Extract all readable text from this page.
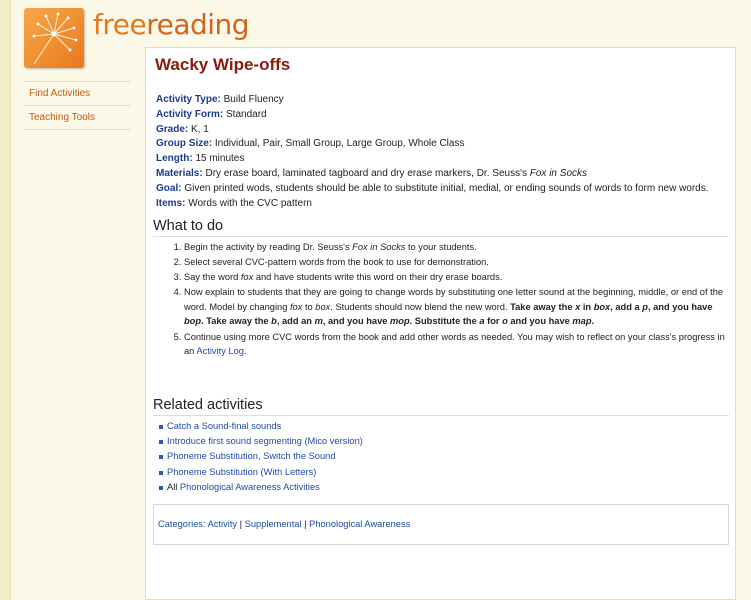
freereading
Find Activities
Teaching Tools
Wacky Wipe-offs
Activity Type: Build Fluency
Activity Form: Standard
Grade: K, 1
Group Size: Individual, Pair, Small Group, Large Group, Whole Class
Length: 15 minutes
Materials: Dry erase board, laminated tagboard and dry erase markers, Dr. Seuss's Fox in Socks
Goal: Given printed wods, students should be able to substitute initial, medial, or ending sounds of words to form new words.
Items: Words with the CVC pattern
What to do
1. Begin the activity by reading Dr. Seuss's Fox in Socks to your students.
2. Select several CVC-pattern words from the book to use for demonstration.
3. Say the word fox and have students write this word on their dry erase boards.
4. Now explain to students that they are going to change words by substituting one letter sound at the beginning, middle, or end of the word. Model by changing fox to box. Students should now blend the new word. Take away the x in box, add a p, and you have bop. Take away the b, add an m, and you have mop. Substitute the a for o and you have map.
5. Continue using more CVC words from the book and add other words as needed. You may wish to reflect on your class's progress in an Activity Log.
Related activities
Catch a Sound-final sounds
Introduce first sound segmenting (Mico version)
Phoneme Substitution, Switch the Sound
Phoneme Substitution (With Letters)
All Phonological Awareness Activities
Categories: Activity | Supplemental | Phonological Awareness
